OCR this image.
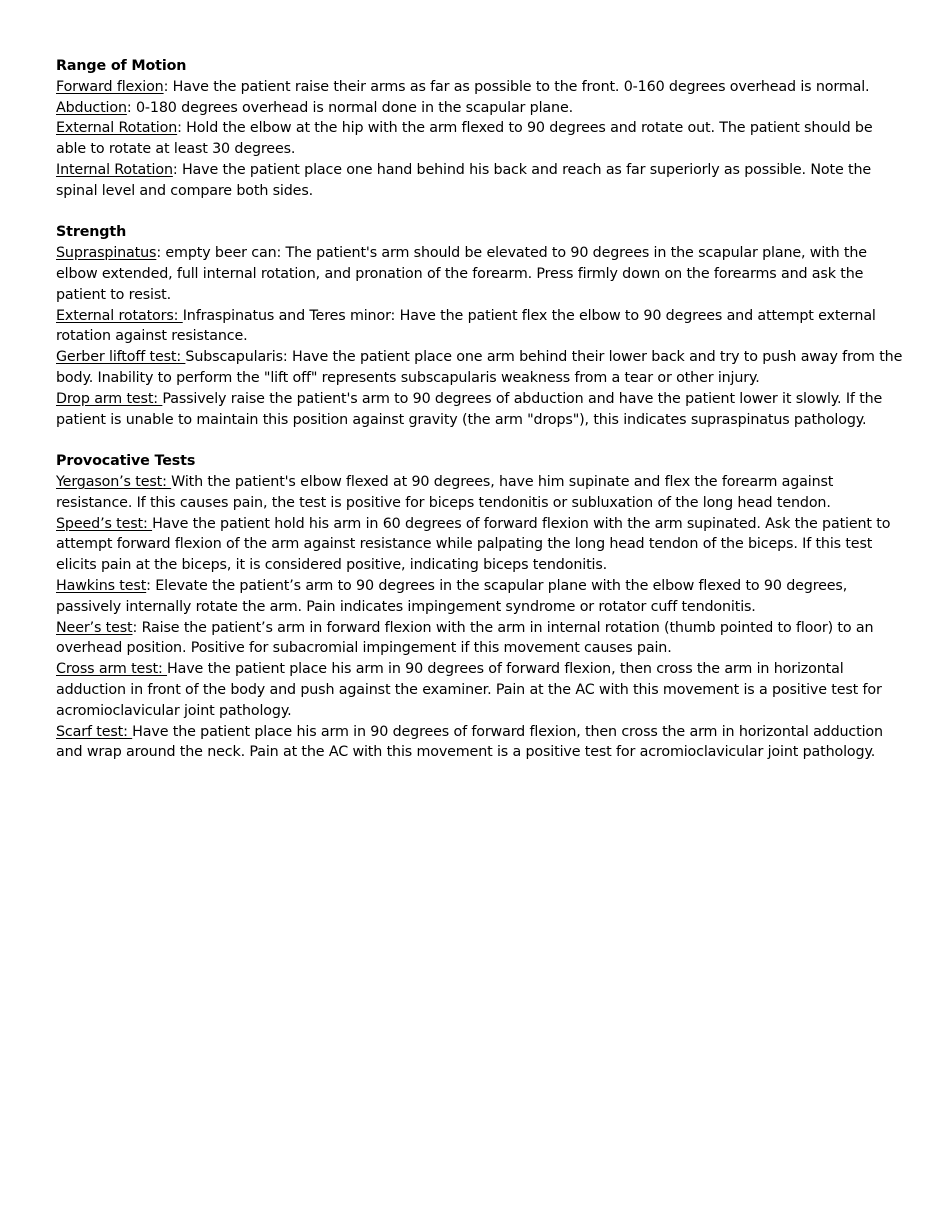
Range of Motion
Forward flexion: Have the patient raise their arms as far as possible to the front. 0-160 degrees overhead is normal.
Abduction: 0-180 degrees overhead is normal done in the scapular plane.
External Rotation: Hold the elbow at the hip with the arm flexed to 90 degrees and rotate out. The patient should be able to rotate at least 30 degrees.
Internal Rotation: Have the patient place one hand behind his back and reach as far superiorly as possible. Note the spinal level and compare both sides.
Strength
Supraspinatus: empty beer can: The patient's arm should be elevated to 90 degrees in the scapular plane, with the elbow extended, full internal rotation, and pronation of the forearm. Press firmly down on the forearms and ask the patient to resist.
External rotators: Infraspinatus and Teres minor: Have the patient flex the elbow to 90 degrees and attempt external rotation against resistance.
Gerber liftoff test: Subscapularis: Have the patient place one arm behind their lower back and try to push away from the body. Inability to perform the "lift off" represents subscapularis weakness from a tear or other injury.
Drop arm test: Passively raise the patient's arm to 90 degrees of abduction and have the patient lower it slowly. If the patient is unable to maintain this position against gravity (the arm "drops"), this indicates supraspinatus pathology.
Provocative Tests
Yergason’s test: With the patient's elbow flexed at 90 degrees, have him supinate and flex the forearm against resistance. If this causes pain, the test is positive for biceps tendonitis or subluxation of the long head tendon.
Speed’s test: Have the patient hold his arm in 60 degrees of forward flexion with the arm supinated. Ask the patient to attempt forward flexion of the arm against resistance while palpating the long head tendon of the biceps. If this test elicits pain at the biceps, it is considered positive, indicating biceps tendonitis.
Hawkins test: Elevate the patient’s arm to 90 degrees in the scapular plane with the elbow flexed to 90 degrees, passively internally rotate the arm. Pain indicates impingement syndrome or rotator cuff tendonitis.
Neer’s test: Raise the patient’s arm in forward flexion with the arm in internal rotation (thumb pointed to floor) to an overhead position. Positive for subacromial impingement if this movement causes pain.
Cross arm test: Have the patient place his arm in 90 degrees of forward flexion, then cross the arm in horizontal adduction in front of the body and push against the examiner. Pain at the AC with this movement is a positive test for acromioclavicular joint pathology.
Scarf test: Have the patient place his arm in 90 degrees of forward flexion, then cross the arm in horizontal adduction and wrap around the neck. Pain at the AC with this movement is a positive test for acromioclavicular joint pathology.
